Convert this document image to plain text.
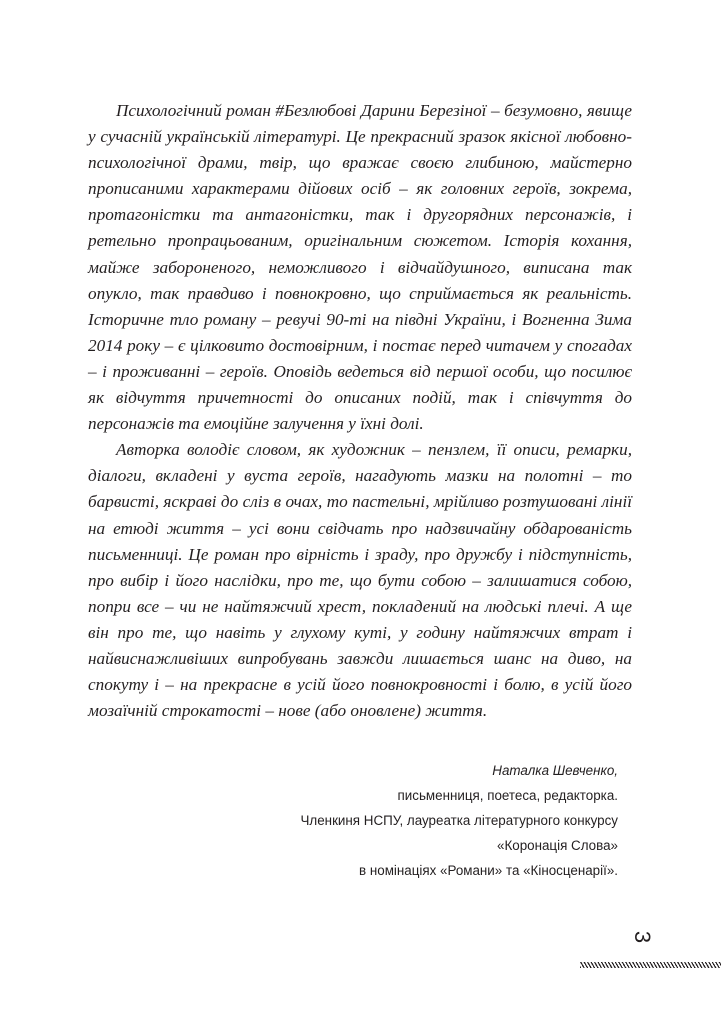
Психологічний роман #Безлюбові Дарини Березіної – безумовно, явище у сучасній українській літературі. Це прекрасний зразок якісної любовно-психологічної драми, твір, що вражає своєю глибиною, майстерно прописаними характерами дійових осіб – як головних героїв, зокрема, протагоністки та антагоністки, так і другорядних персонажів, і ретельно пропрацьованим, оригінальним сюжетом. Історія кохання, майже забороненого, неможливого і відчайдушного, виписана так опукло, так правдиво і повнокровно, що сприймається як реальність. Історичне тло роману – ревучі 90-ті на півдні України, і Вогненна Зима 2014 року – є цілковито достовірним, і постає перед читачем у спогадах – і проживанні – героїв. Оповідь ведеться від першої особи, що посилює як відчуття причетності до описаних подій, так і співчуття до персонажів та емоційне залучення у їхні долі.

Авторка володіє словом, як художник – пензлем, її описи, ремарки, діалоги, вкладені у вуста героїв, нагадують мазки на полотні – то барвисті, яскраві до сліз в очах, то пастельні, мрійливо розтушовані лінії на етюді життя – усі вони свідчать про надзвичайну обдарованість письменниці. Це роман про вірність і зраду, про дружбу і підступність, про вибір і його наслідки, про те, що бути собою – залишатися собою, попри все – чи не найтяжчий хрест, покладений на людські плечі. А ще він про те, що навіть у глухому куті, у годину найтяжчих втрат і найвиснажливіших випробувань завжди лишається шанс на диво, на спокуту і – на прекрасне в усій його повнокровності і болю, в усій його мозаїчній строкатості – нове (або оновлене) життя.

Наталка Шевченко,
письменниця, поетеса, редакторка.
Членкиня НСПУ, лауреатка літературного конкурсу
«Коронація Слова»
в номінаціях «Романи» та «Кіносценарії».
3
